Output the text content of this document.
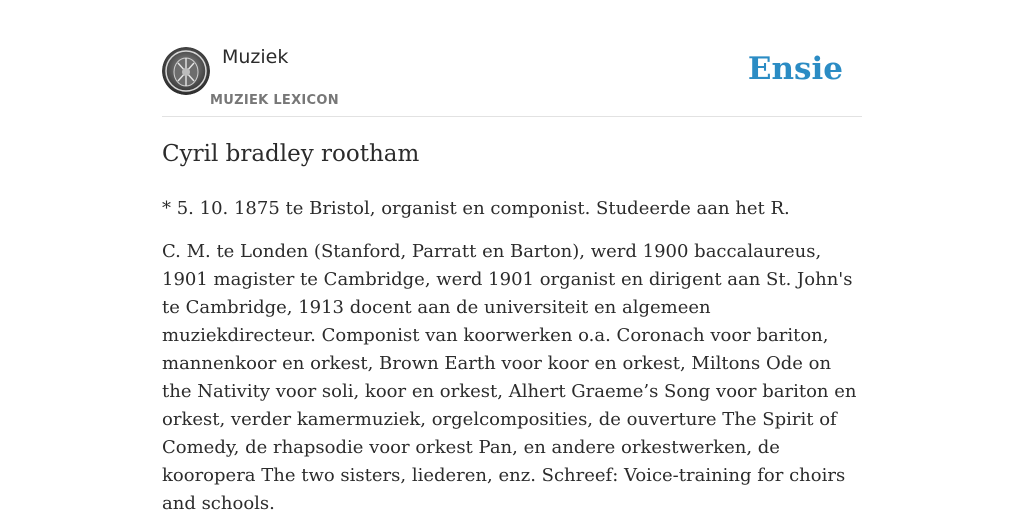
Muziek
MUZIEK LEXICON
Ensie
Cyril bradley rootham

* 5. 10. 1875 te Bristol, organist en componist. Studeerde aan het R.

C. M. te Londen (Stanford, Parratt en Barton), werd 1900 baccalaureus, 1901 magister te Cambridge, werd 1901 organist en dirigent aan St. John's te Cambridge, 1913 docent aan de universiteit en algemeen muziekdirecteur. Componist van koorwerken o.a. Coronach voor bariton, mannenkoor en orkest, Brown Earth voor koor en orkest, Miltons Ode on the Nativity voor soli, koor en orkest, Alhert Graeme’s Song voor bariton en orkest, verder kamermuziek, orgelcomposities, de ouverture The Spirit of Comedy, de rhapsodie voor orkest Pan, en andere orkestwerken, de kooropera The two sisters, liederen, enz. Schreef: Voice-training for choirs and schools.
